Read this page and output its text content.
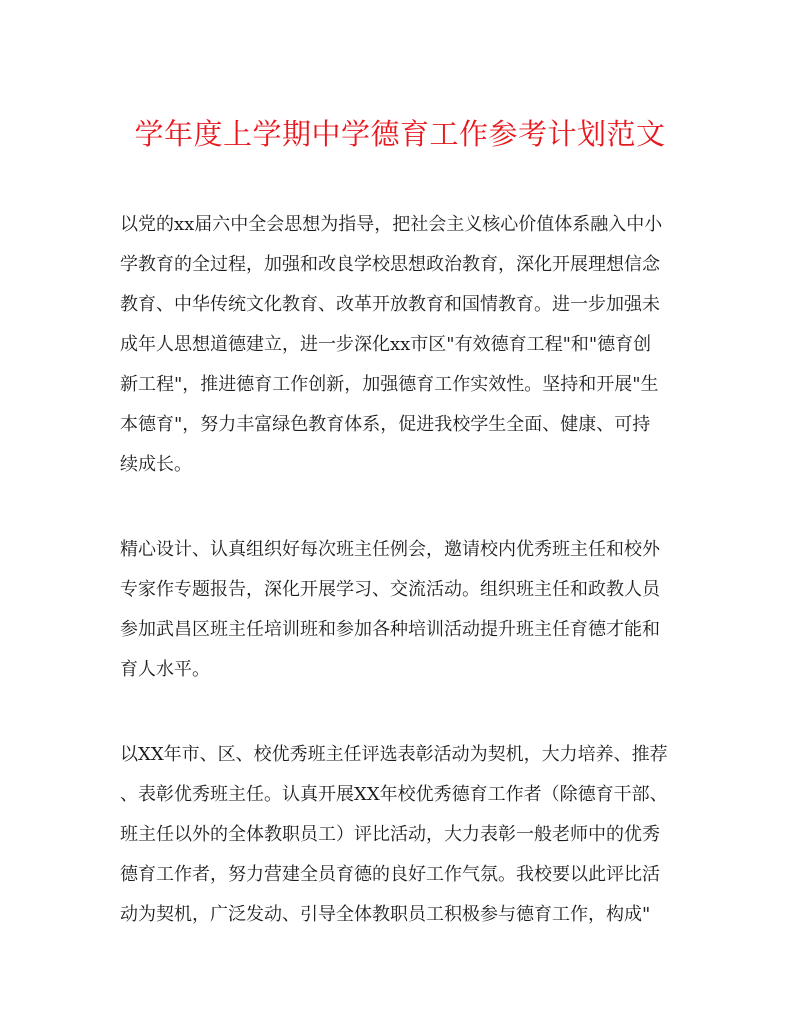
学年度上学期中学德育工作参考计划范文
以党的xx届六中全会思想为指导，把社会主义核心价值体系融入中小
学教育的全过程，加强和改良学校思想政治教育，深化开展理想信念
教育、中华传统文化教育、改革开放教育和国情教育。进一步加强未
成年人思想道德建立，进一步深化xx市区"有效德育工程"和"德育创
新工程"，推进德育工作创新，加强德育工作实效性。坚持和开展"生
本德育"，努力丰富绿色教育体系，促进我校学生全面、健康、可持
续成长。
精心设计、认真组织好每次班主任例会，邀请校内优秀班主任和校外
专家作专题报告，深化开展学习、交流活动。组织班主任和政教人员
参加武昌区班主任培训班和参加各种培训活动提升班主任育德才能和
育人水平。
以XX年市、区、校优秀班主任评选表彰活动为契机，大力培养、推荐
、表彰优秀班主任。认真开展XX年校优秀德育工作者（除德育干部、
班主任以外的全体教职员工）评比活动，大力表彰一般老师中的优秀
德育工作者，努力营建全员育德的良好工作气氛。我校要以此评比活
动为契机，广泛发动、引导全体教职员工积极参与德育工作，构成"
